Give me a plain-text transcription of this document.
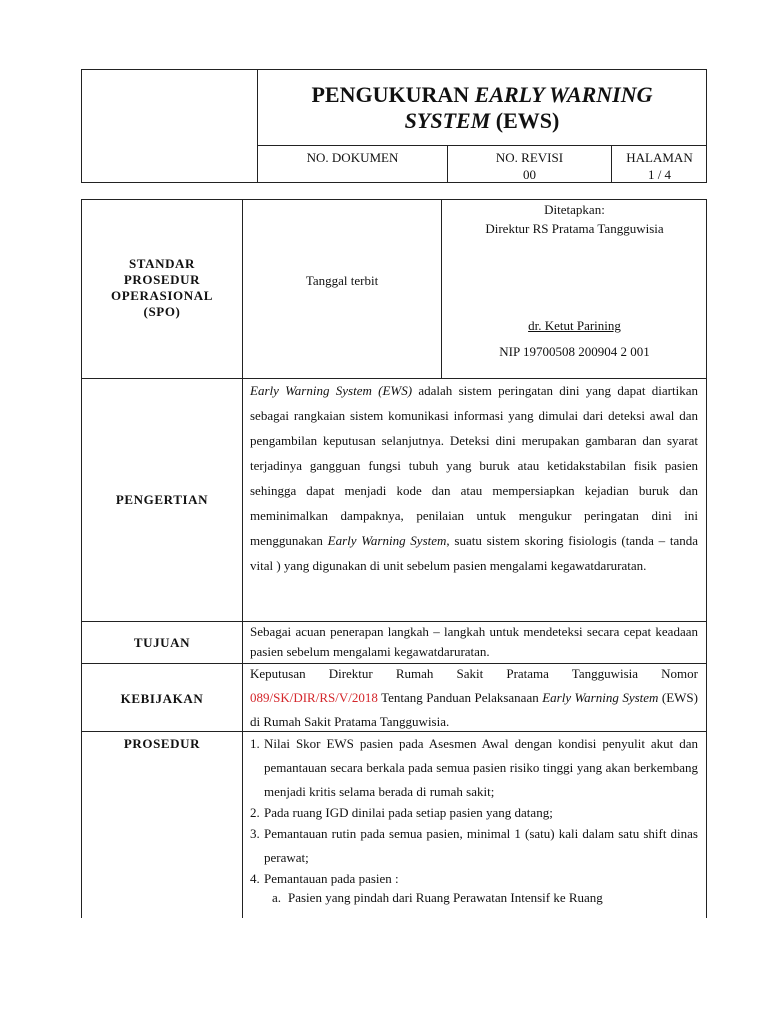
PENGUKURAN EARLY WARNING
SYSTEM (EWS)
NO. DOKUMEN	NO. REVISI
00
HALAMAN
1 / 4
STANDAR
PROSEDUR
OPERASIONAL
(SPO)
Tanggal terbit
Ditetapkan:
Direktur RS Pratama Tangguwisia
dr. Ketut Parining
NIP 19700508 200904 2 001
PENGERTIAN
Early Warning System (EWS) adalah sistem peringatan dini yang dapat diartikan sebagai rangkaian sistem komunikasi informasi yang dimulai dari deteksi awal dan pengambilan keputusan selanjutnya. Deteksi dini merupakan gambaran dan syarat terjadinya gangguan fungsi tubuh yang buruk atau ketidakstabilan fisik pasien sehingga dapat menjadi kode dan atau mempersiapkan kejadian buruk dan meminimalkan dampaknya, penilaian untuk mengukur peringatan dini ini menggunakan Early Warning System, suatu sistem skoring fisiologis (tanda – tanda vital ) yang digunakan di unit sebelum pasien mengalami kegawatdaruratan.
TUJUAN
Sebagai acuan penerapan langkah – langkah untuk mendeteksi secara cepat keadaan pasien sebelum mengalami kegawatdaruratan.
KEBIJAKAN
Keputusan Direktur Rumah Sakit Pratama Tangguwisia Nomor 089/SK/DIR/RS/V/2018 Tentang Panduan Pelaksanaan Early Warning System (EWS) di Rumah Sakit Pratama Tangguwisia.
PROSEDUR	1. Nilai Skor EWS pasien pada Asesmen Awal dengan kondisi penyulit akut dan pemantauan secara berkala pada semua pasien risiko tinggi yang akan berkembang menjadi kritis selama berada di rumah sakit;
2. Pada ruang IGD dinilai pada setiap pasien yang datang;
3. Pemantauan rutin pada semua pasien, minimal 1 (satu) kali dalam satu shift dinas perawat;
4. Pemantauan pada pasien :
a. Pasien yang pindah dari Ruang Perawatan Intensif ke Ruang
